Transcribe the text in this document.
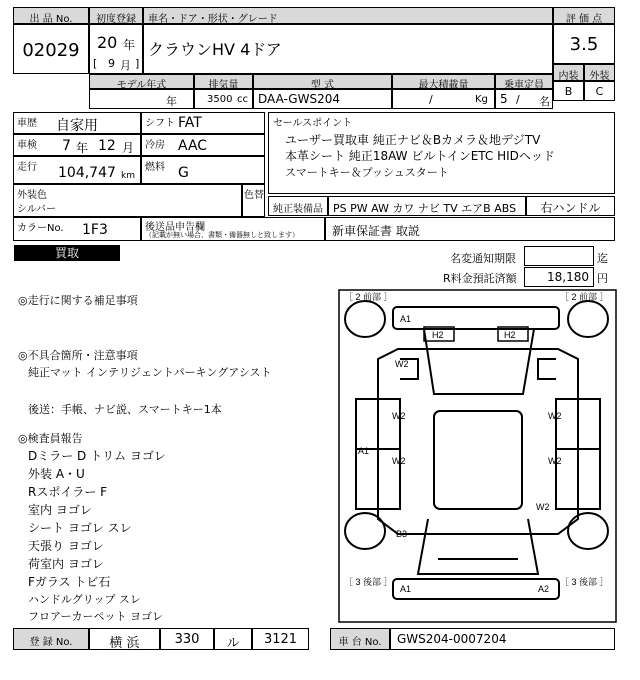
出 品 No.
02029
初度登録
20 年
[ 9 月 ]
車名・ドア・形状・グレード
クラウンHV 4ドア
評 価 点
3.5
内装	外装
B	C
モデル年式
年
排気量
3500 cc
型 式
DAA-GWS204
最大積載量
/	Kg
乗車定員
5 / 名
車歴 自家用	シフト FAT
車検 7 年 12 月 冷房 AAC
走行 104,747 km
燃料 G
外装色
シルバー
色替
カラーNo. 1F3	後送品申告欄
（記載が無い場合、書類・備器無しと致します）
セールスポイント
ユーザー買取車 純正ナビ＆Bカメラ＆地デジTV
本革シート 純正18AW ビルトインETC HIDヘッド
スマートキー＆プッシュスタート
純正装備品 PS PW AW カワ ナビ TV エアB ABS	右ハンドル
新車保証書 取説
買取	名変通知期限	迄
R料金預託済額	18,180 円
◎走行に関する補足事項
◎不具合箇所・注意事項
純正マット インテリジェントパーキングアシスト
後送：手帳、ナビ説、スマートキー1本
◎検査員報告
Dミラー D トリム ヨゴレ
外装 A・U
Rスポイラー F
室内 ヨゴレ
シート ヨゴレ スレ
天張り ヨゴレ
荷室内 ヨゴレ
Fガラス トビ石
ハンドルグリップ スレ
フロアーカーペット ヨゴレ
［ 2 前部 ］	［ 2 前部 ］
［ 3 後部 ］	［ 3 後部 ］
A1
H2	H2
W2
W2	W2
A1
W2	W2
W2
B3
A1	A2
登 録 No.	横 浜	330	ル	3121	車 台 No.	GWS204-0007204
